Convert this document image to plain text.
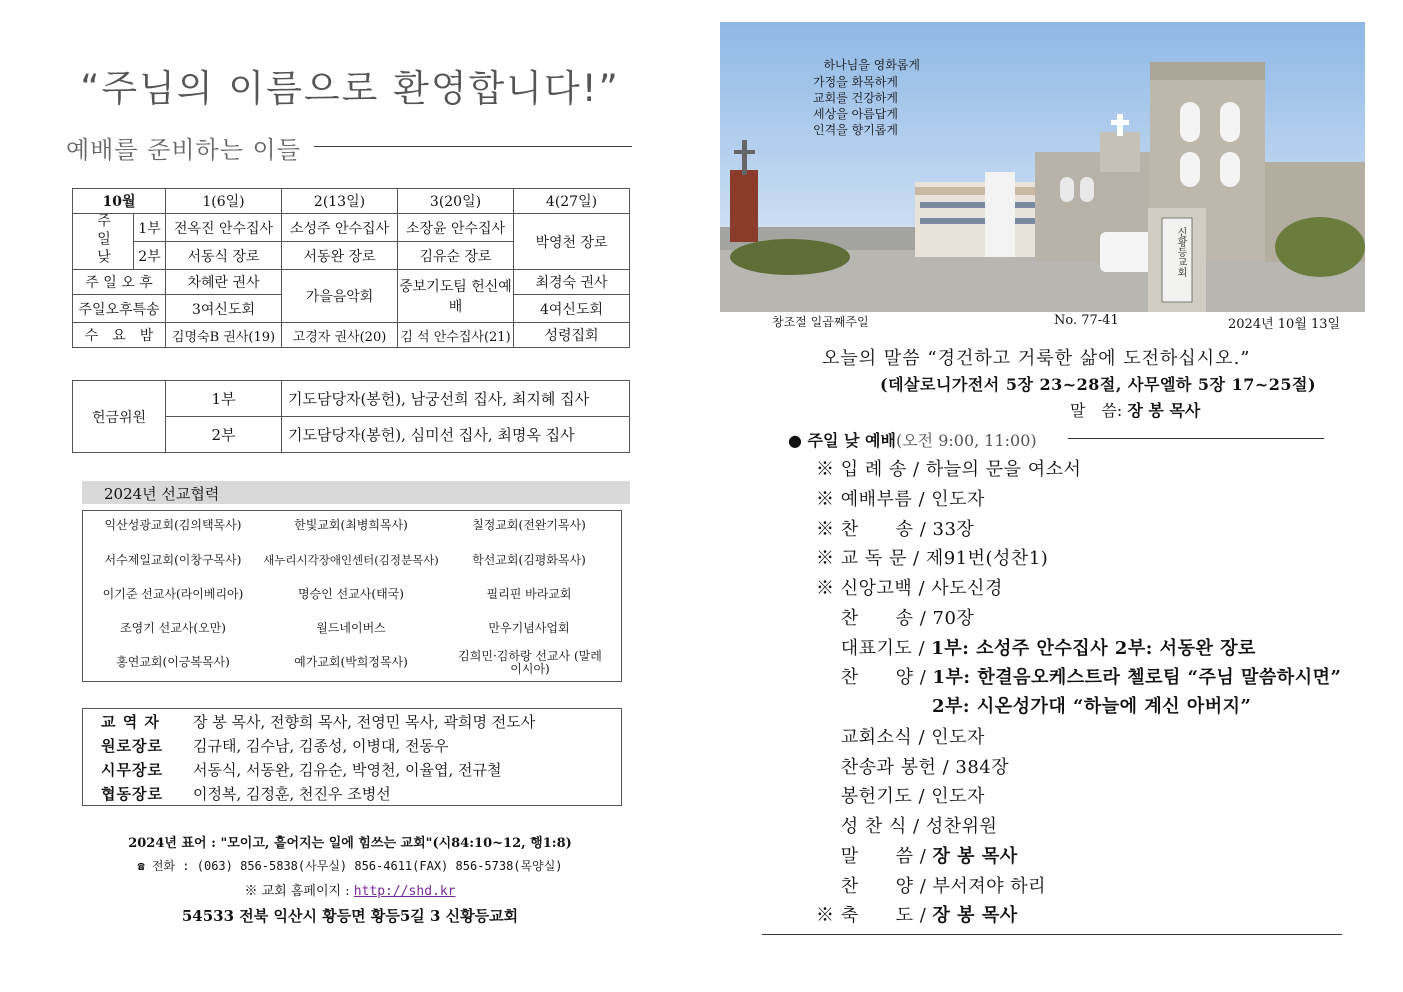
“주님의 이름으로 환영합니다!”
예배를 준비하는 이들
10월		1(6일)	2(13일)	3(20일)	4(27일)
주일낮	1부	전옥진 안수집사	소성주 안수집사	소장윤 안수집사	박영천 장로
	2부	서동식 장로	서동완 장로	김유순 장로	
주 일 오 후		차혜란 권사	가을음악회	중보기도팀 헌신예배	최경숙 권사
주일오후특송		3여신도회			4여신도회
수　요　밤		김명숙B 권사(19)	고경자 권사(20)	김 석 안수집사(21)	성령집회
헌금위원	1부	기도담당자(봉헌), 남궁선희 집사, 최지혜 집사
	2부	기도담당자(봉헌), 심미선 집사, 최명옥 집사
2024년 선교협력
익산성광교회(김의택목사)	한빛교회(최병희목사)	칠정교회(전완기목사)
서수제일교회(이창구목사)	새누리시각장애인센터(김정분목사)	학선교회(김평화목사)
이기준 선교사(라이베리아)	명승인 선교사(태국)	필리핀 바라교회
조영기 선교사(오만)	월드네이버스	만우기념사업회
홍연교회(이긍복목사)	예가교회(박희정목사)	김희민·김하랑 선교사 (말레이시아)
교 역 자 장 봉 목사, 전향희 목사, 전영민 목사, 곽희명 전도사
원로장로 김규태, 김수남, 김종성, 이병대, 전동우
시무장로 서동식, 서동완, 김유순, 박영천, 이율엽, 전규철
협동장로 이정복, 김정훈, 천진우 조병선
2024년 표어 : "모이고, 흩어지는 일에 힘쓰는 교회"(시84:10~12, 행1:8)
☎ 전화 : (063) 856-5838(사무실) 856-4611(FAX) 856-5738(목양실)
※ 교회 홈페이지 : http://shd.kr
54533 전북 익산시 황등면 황등5길 3 신황등교회
하나님을 영화롭게
가정을 화목하게
교회를 건강하게
세상을 아름답게
인격을 향기롭게
신황등교회
창조절 일곱째주일	No. 77-41	2024년 10월 13일
오늘의 말씀 “경건하고 거룩한 삶에 도전하십시오.”
(데살로니가전서 5장 23~28절, 사무엘하 5장 17~25절)
말　씀: 장 봉 목사
● 주일 낮 예배(오전 9:00, 11:00)
※ 입 례 송 / 하늘의 문을 여소서
※ 예배부름 / 인도자
※ 찬　　송 / 33장
※ 교 독 문 / 제91번(성찬1)
※ 신앙고백 / 사도신경
　 찬　　송 / 70장
　 대표기도 / 1부: 소성주 안수집사 2부: 서동완 장로
　 찬　　양 / 1부: 한결음오케스트라 첼로팀 “주님 말씀하시면”
2부: 시온성가대 “하늘에 계신 아버지”
　 교회소식 / 인도자
　 찬송과 봉헌 / 384장
　 봉헌기도 / 인도자
　 성 찬 식 / 성찬위원
　 말　　씀 / 장 봉 목사
　 찬　　양 / 부서져야 하리
※ 축　　도 / 장 봉 목사
